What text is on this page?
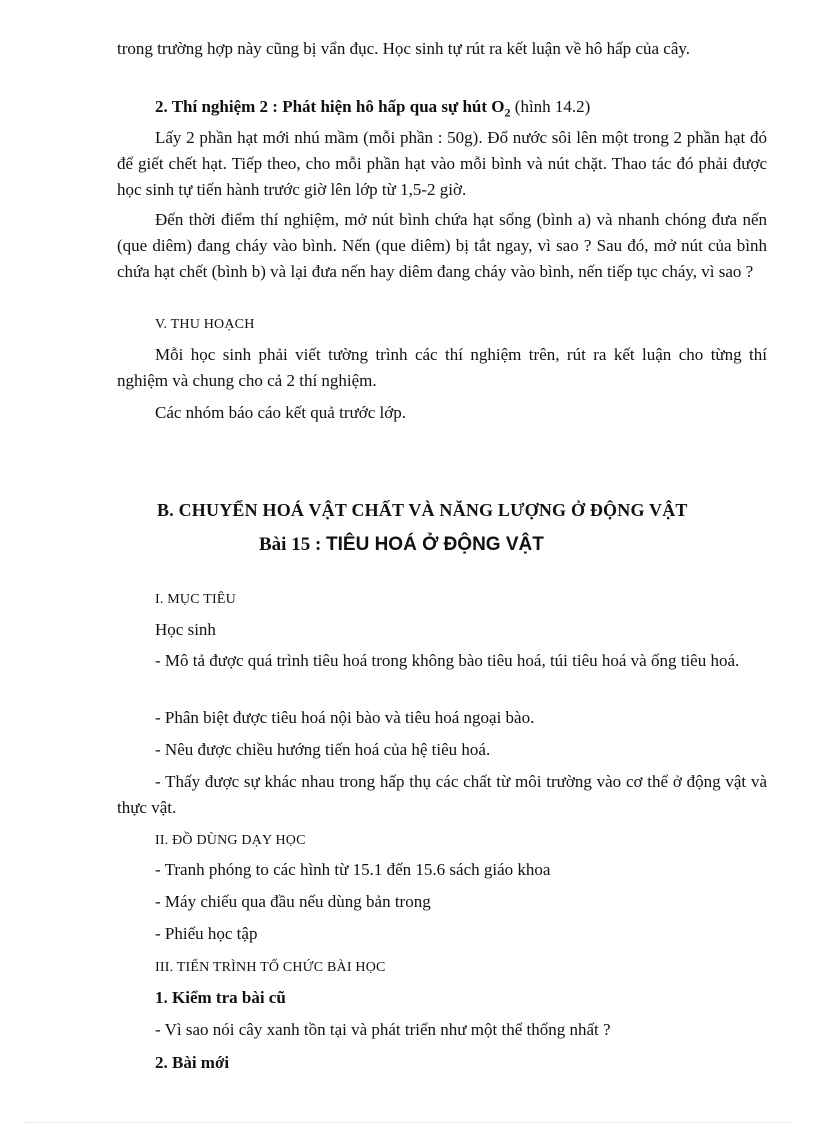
trong trường hợp này cũng bị vẩn đục. Học sinh tự rút ra kết luận về hô hấp của cây.

2. Thí nghiệm 2 : Phát hiện hô hấp qua sự hút $O_2$ (hình 14.2)

Lấy 2 phần hạt mới nhú mầm (mỗi phần : 50g). Đổ nước sôi lên một trong 2 phần hạt đó để giết chết hạt. Tiếp theo, cho mỗi phần hạt vào mỗi bình và nút chặt. Thao tác đó phải được học sinh tự tiến hành trước giờ lên lớp từ 1,5-2 giờ.

Đến thời điểm thí nghiệm, mở nút bình chứa hạt sống (bình a) và nhanh chóng đưa nến (que diêm) đang cháy vào bình. Nến (que diêm) bị tắt ngay, vì sao ? Sau đó, mở nút của bình chứa hạt chết (bình b) và lại đưa nến hay diêm đang cháy vào bình, nến tiếp tục cháy, vì sao ?

V. THU HOẠCH

Mỗi học sinh phải viết tường trình các thí nghiệm trên, rút ra kết luận cho từng thí nghiệm và chung cho cả 2 thí nghiệm.

Các nhóm báo cáo kết quả trước lớp.

B. CHUYỂN HOÁ VẬT CHẤT VÀ NĂNG LƯỢNG Ở ĐỘNG VẬT

Bài 15 : TIÊU HOÁ Ở ĐỘNG VẬT

I. MỤC TIÊU

Học sinh

- Mô tả được quá trình tiêu hoá trong không bào tiêu hoá, túi tiêu hoá và ống tiêu hoá.

- Phân biệt được tiêu hoá nội bào và tiêu hoá ngoại bào.

- Nêu được chiều hướng tiến hoá của hệ tiêu hoá.

- Thấy được sự khác nhau trong hấp thụ các chất từ môi trường vào cơ thể ở động vật và thực vật.

II. ĐỒ DÙNG DẠY HỌC

- Tranh phóng to các hình từ 15.1 đến 15.6 sách giáo khoa

- Máy chiếu qua đầu nếu dùng bản trong

- Phiếu học tập

III. TIẾN TRÌNH TỔ CHỨC BÀI HỌC

1. Kiểm tra bài cũ

- Vì sao nói cây xanh tồn tại và phát triển như một thể thống nhất ?

2. Bài mới
